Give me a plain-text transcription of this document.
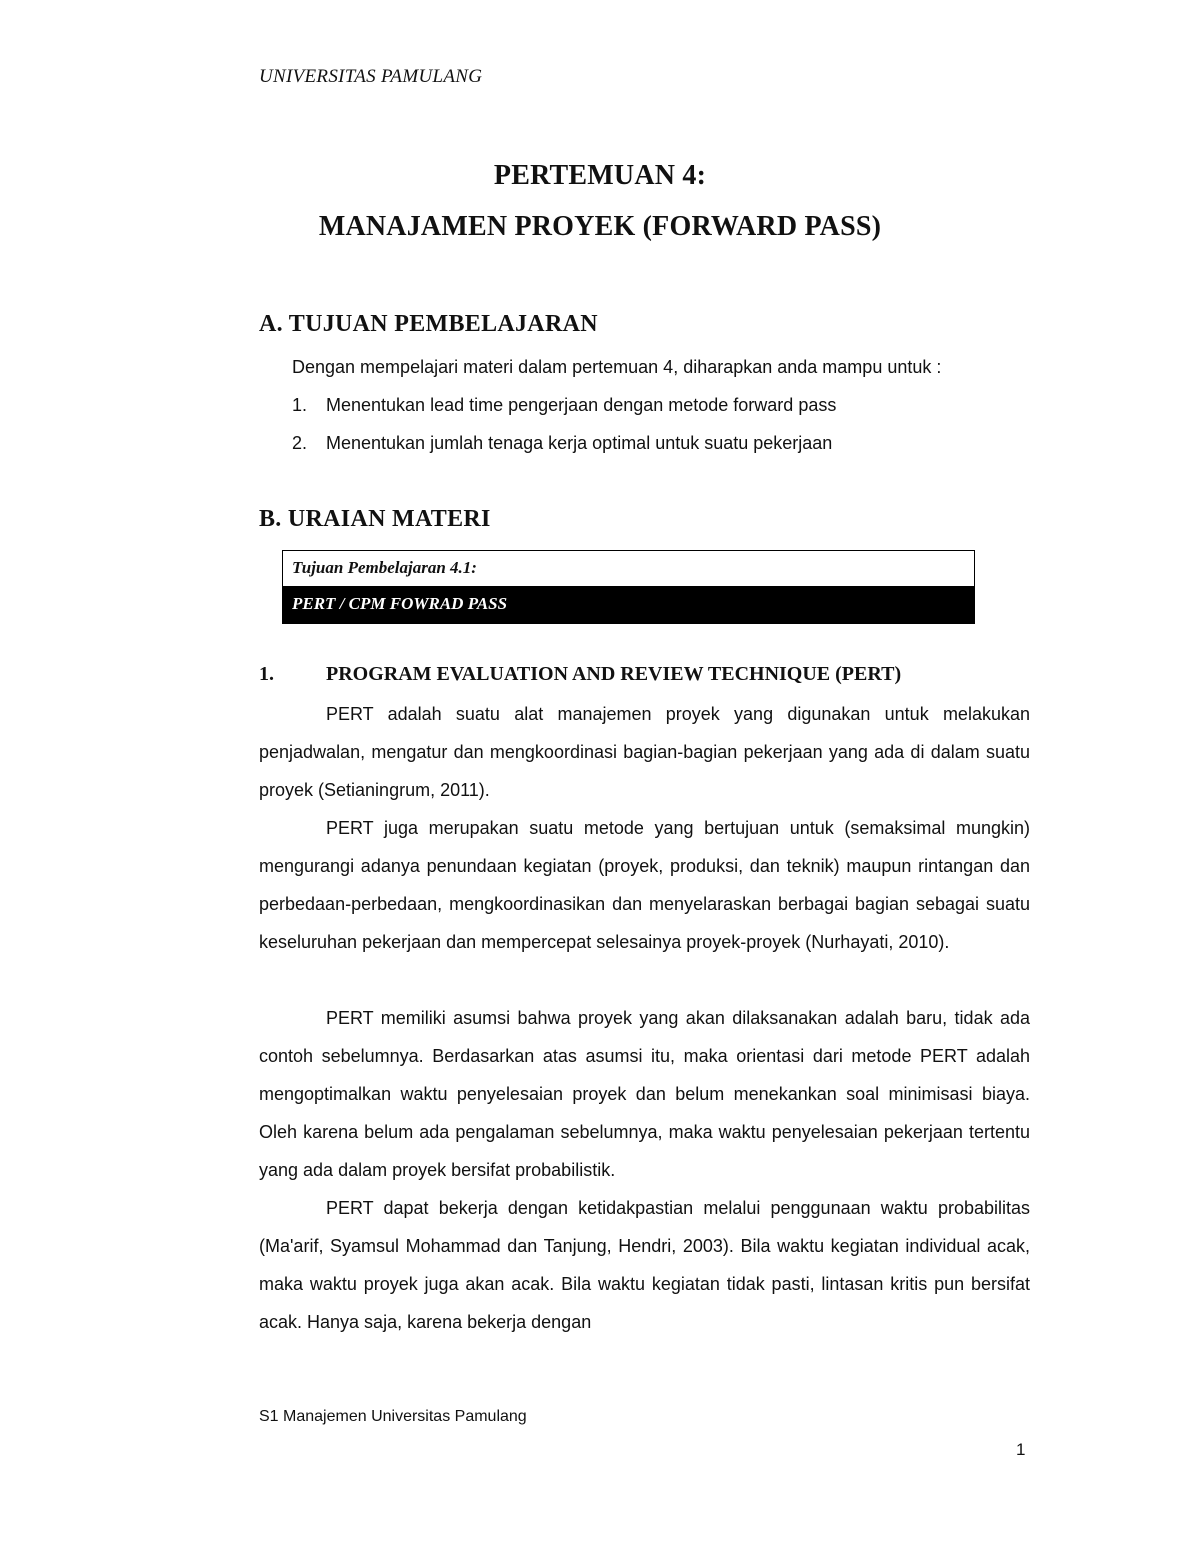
UNIVERSITAS PAMULANG
PERTEMUAN 4:
MANAJAMEN PROYEK (FORWARD PASS)
A. TUJUAN PEMBELAJARAN
Dengan mempelajari materi dalam pertemuan 4, diharapkan anda mampu untuk :
1.	Menentukan lead time pengerjaan dengan metode forward pass
2.	Menentukan jumlah tenaga kerja optimal untuk suatu pekerjaan
B. URAIAN MATERI
Tujuan Pembelajaran 4.1:
PERT / CPM FOWRAD PASS
1.	PROGRAM EVALUATION AND REVIEW TECHNIQUE (PERT)

PERT adalah suatu alat manajemen proyek yang digunakan untuk melakukan penjadwalan, mengatur dan mengkoordinasi bagian-bagian pekerjaan yang ada di dalam suatu proyek (Setianingrum, 2011).

PERT juga merupakan suatu metode yang bertujuan untuk (semaksimal mungkin) mengurangi adanya penundaan kegiatan (proyek, produksi, dan teknik) maupun rintangan dan perbedaan-perbedaan, mengkoordinasikan dan menyelaraskan berbagai bagian sebagai suatu keseluruhan pekerjaan dan mempercepat selesainya proyek-proyek (Nurhayati, 2010).

PERT memiliki asumsi bahwa proyek yang akan dilaksanakan adalah baru, tidak ada contoh sebelumnya. Berdasarkan atas asumsi itu, maka orientasi dari metode PERT adalah mengoptimalkan waktu penyelesaian proyek dan belum menekankan soal minimisasi biaya. Oleh karena belum ada pengalaman sebelumnya, maka waktu penyelesaian pekerjaan tertentu yang ada dalam proyek bersifat probabilistik.

PERT dapat bekerja dengan ketidakpastian melalui penggunaan waktu probabilitas (Ma'arif, Syamsul Mohammad dan Tanjung, Hendri, 2003). Bila waktu kegiatan individual acak, maka waktu proyek juga akan acak. Bila waktu kegiatan tidak pasti, lintasan kritis pun bersifat acak. Hanya saja, karena bekerja dengan

S1 Manajemen Universitas Pamulang
1
